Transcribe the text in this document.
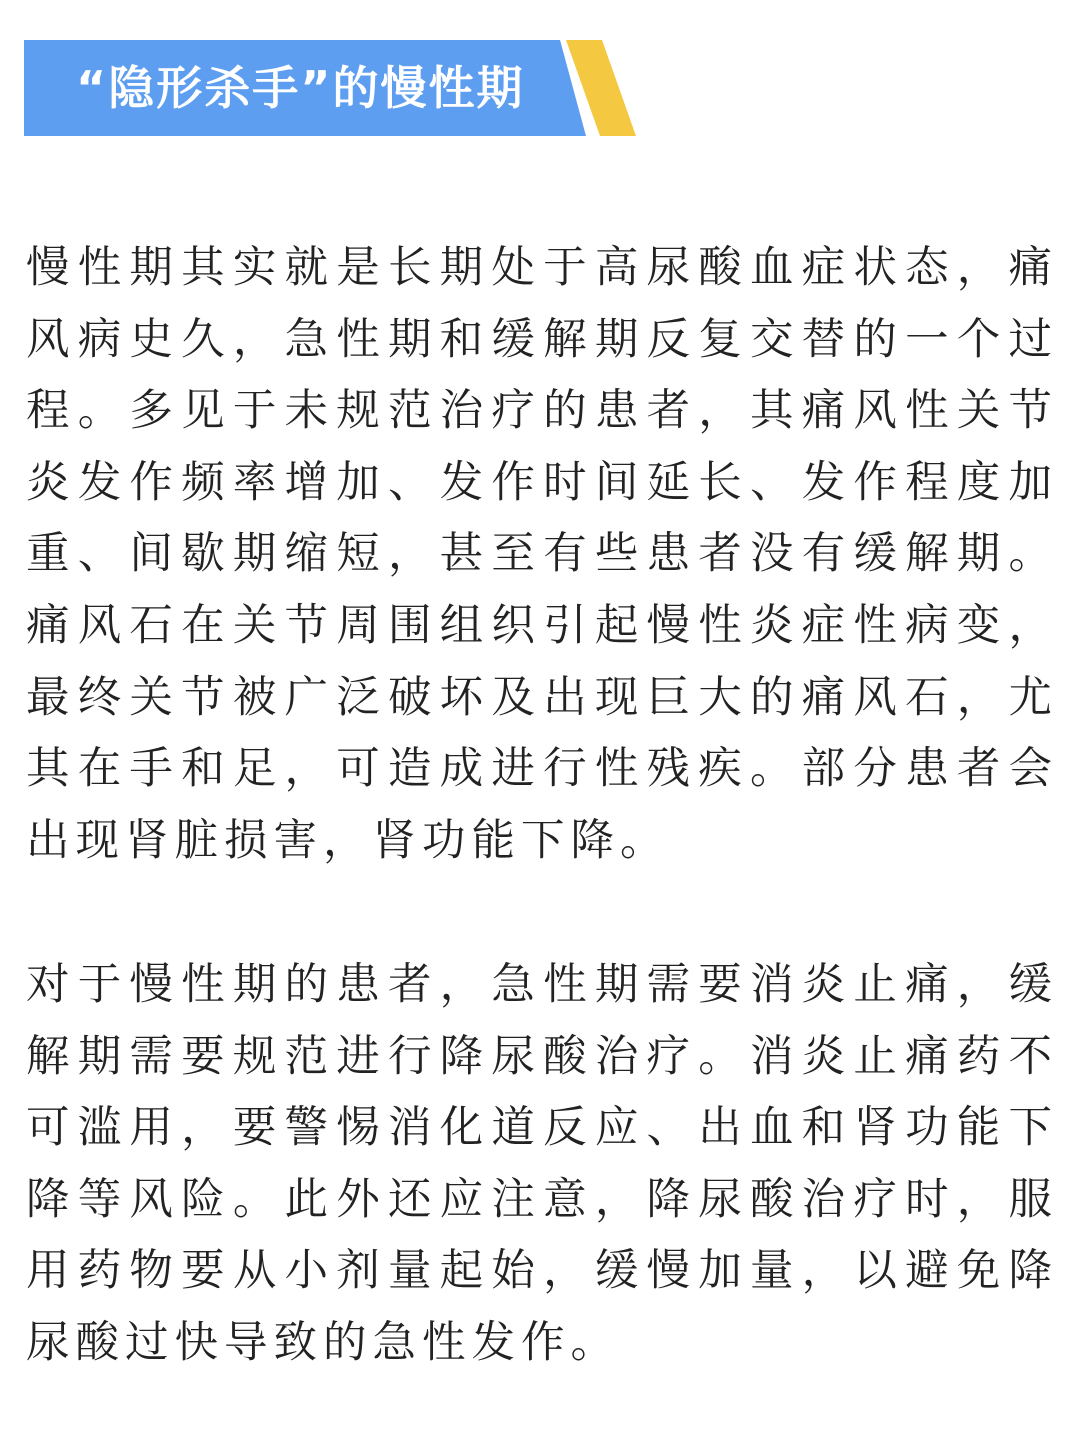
“隐形杀手”的慢性期

慢性期其实就是长期处于高尿酸血症状态，痛风病史久，急性期和缓解期反复交替的一个过程。多见于未规范治疗的患者，其痛风性关节炎发作频率增加、发作时间延长、发作程度加重、间歇期缩短，甚至有些患者没有缓解期。痛风石在关节周围组织引起慢性炎症性病变，最终关节被广泛破坏及出现巨大的痛风石，尤其在手和足，可造成进行性残疾。部分患者会出现肾脏损害，肾功能下降。

对于慢性期的患者，急性期需要消炎止痛，缓解期需要规范进行降尿酸治疗。消炎止痛药不可滥用，要警惕消化道反应、出血和肾功能下降等风险。此外还应注意，降尿酸治疗时，服用药物要从小剂量起始，缓慢加量，以避免降尿酸过快导致的急性发作。
